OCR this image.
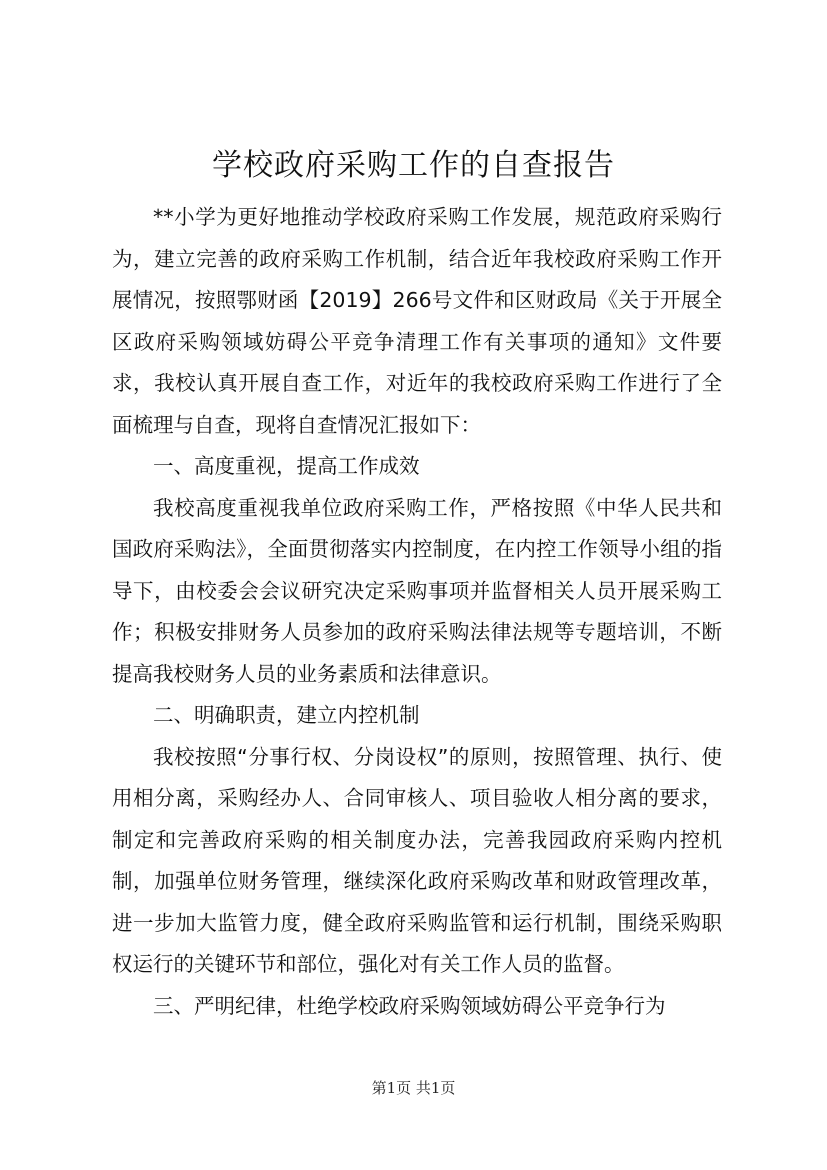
学校政府采购工作的自查报告

**小学为更好地推动学校政府采购工作发展，规范政府采购行为，建立完善的政府采购工作机制，结合近年我校政府采购工作开展情况，按照鄂财函【2019】266号文件和区财政局《关于开展全区政府采购领域妨碍公平竞争清理工作有关事项的通知》文件要求，我校认真开展自查工作，对近年的我校政府采购工作进行了全面梳理与自查，现将自查情况汇报如下：

一、高度重视，提高工作成效

我校高度重视我单位政府采购工作，严格按照《中华人民共和国政府采购法》，全面贯彻落实内控制度，在内控工作领导小组的指导下，由校委会会议研究决定采购事项并监督相关人员开展采购工作；积极安排财务人员参加的政府采购法律法规等专题培训，不断提高我校财务人员的业务素质和法律意识。

二、明确职责，建立内控机制

我校按照“分事行权、分岗设权”的原则，按照管理、执行、使用相分离，采购经办人、合同审核人、项目验收人相分离的要求，制定和完善政府采购的相关制度办法，完善我园政府采购内控机制，加强单位财务管理，继续深化政府采购改革和财政管理改革，进一步加大监管力度，健全政府采购监管和运行机制，围绕采购职权运行的关键环节和部位，强化对有关工作人员的监督。

三、严明纪律，杜绝学校政府采购领域妨碍公平竞争行为

第1页 共1页
